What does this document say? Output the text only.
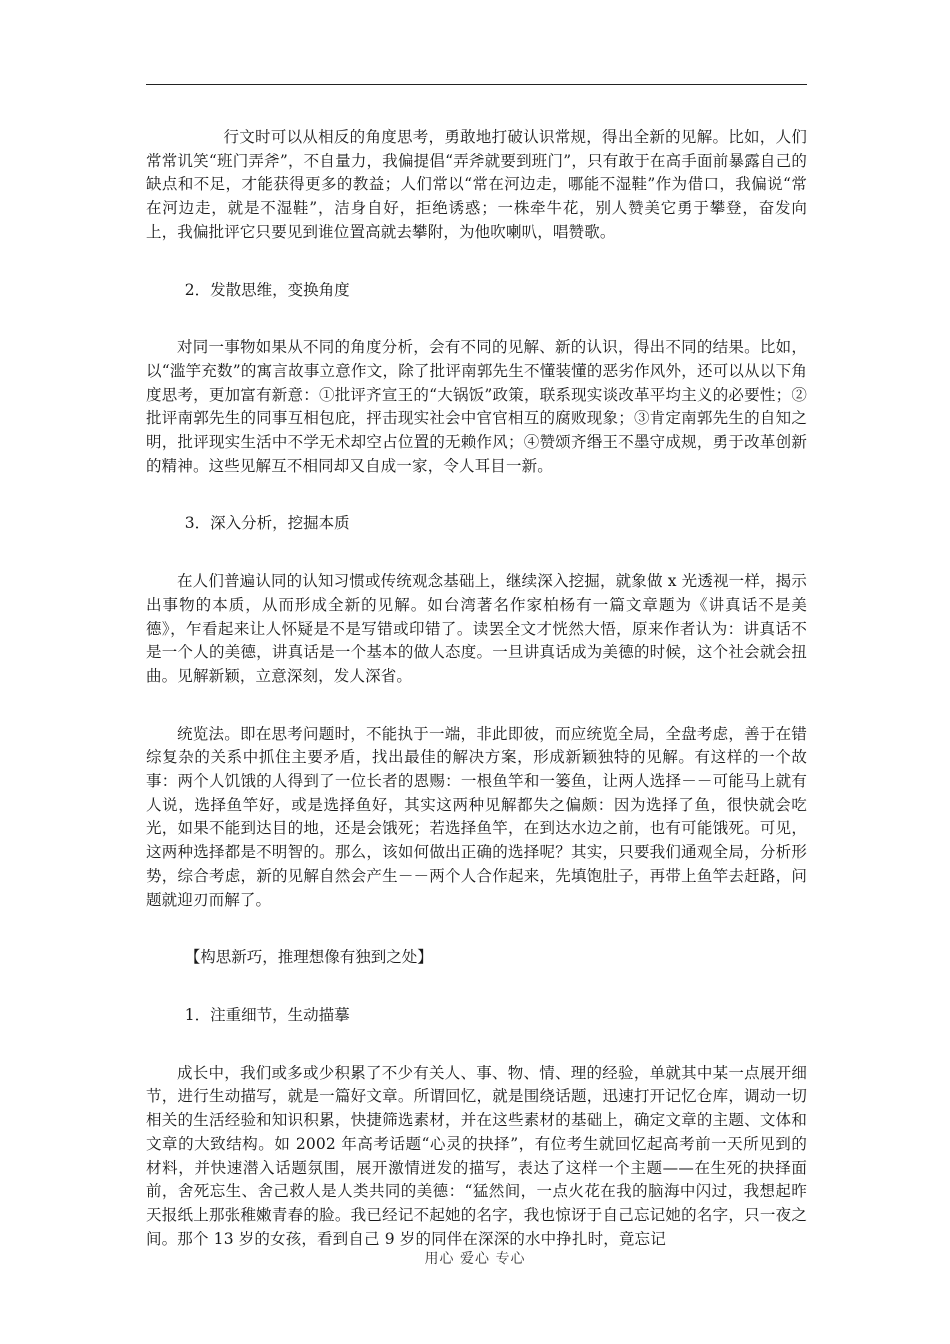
行文时可以从相反的角度思考，勇敢地打破认识常规，得出全新的见解。比如，人们常常讥笑“班门弄斧”，不自量力，我偏提倡“弄斧就要到班门”，只有敢于在高手面前暴露自己的缺点和不足，才能获得更多的教益；人们常以“常在河边走，哪能不湿鞋”作为借口，我偏说“常在河边走，就是不湿鞋”，洁身自好，拒绝诱惑；一株牵牛花，别人赞美它勇于攀登，奋发向上，我偏批评它只要见到谁位置高就去攀附，为他吹喇叭，唱赞歌。

2．发散思维，变换角度

对同一事物如果从不同的角度分析，会有不同的见解、新的认识，得出不同的结果。比如，以“滥竽充数”的寓言故事立意作文，除了批评南郭先生不懂装懂的恶劣作风外，还可以从以下角度思考，更加富有新意：①批评齐宣王的“大锅饭”政策，联系现实谈改革平均主义的必要性；②批评南郭先生的同事互相包庇，抨击现实社会中官官相互的腐败现象；③肯定南郭先生的自知之明，批评现实生活中不学无术却空占位置的无赖作风；④赞颂齐缗王不墨守成规，勇于改革创新的精神。这些见解互不相同却又自成一家，令人耳目一新。

3．深入分析，挖掘本质

在人们普遍认同的认知习惯或传统观念基础上，继续深入挖掘，就象做 x 光透视一样，揭示出事物的本质，从而形成全新的见解。如台湾著名作家柏杨有一篇文章题为《讲真话不是美德》，乍看起来让人怀疑是不是写错或印错了。读罢全文才恍然大悟，原来作者认为：讲真话不是一个人的美德，讲真话是一个基本的做人态度。一旦讲真话成为美德的时候，这个社会就会扭曲。见解新颖，立意深刻，发人深省。

统览法。即在思考问题时，不能执于一端，非此即彼，而应统览全局，全盘考虑，善于在错综复杂的关系中抓住主要矛盾，找出最佳的解决方案，形成新颖独特的见解。有这样的一个故事：两个人饥饿的人得到了一位长者的恩赐：一根鱼竿和一篓鱼，让两人选择－－可能马上就有人说，选择鱼竿好，或是选择鱼好，其实这两种见解都失之偏颇：因为选择了鱼，很快就会吃光，如果不能到达目的地，还是会饿死；若选择鱼竿，在到达水边之前，也有可能饿死。可见，这两种选择都是不明智的。那么，该如何做出正确的选择呢？其实，只要我们通观全局，分析形势，综合考虑，新的见解自然会产生－－两个人合作起来，先填饱肚子，再带上鱼竿去赶路，问题就迎刃而解了。

【构思新巧，推理想像有独到之处】

1．注重细节，生动描摹

成长中，我们或多或少积累了不少有关人、事、物、情、理的经验，单就其中某一点展开细节，进行生动描写，就是一篇好文章。所谓回忆，就是围绕话题，迅速打开记忆仓库，调动一切相关的生活经验和知识积累，快捷筛选素材，并在这些素材的基础上，确定文章的主题、文体和文章的大致结构。如 2002 年高考话题“心灵的抉择”，有位考生就回忆起高考前一天所见到的材料，并快速潜入话题氛围，展开激情迸发的描写，表达了这样一个主题——在生死的抉择面前，舍死忘生、舍己救人是人类共同的美德：“猛然间，一点火花在我的脑海中闪过，我想起昨天报纸上那张稚嫩青春的脸。我已经记不起她的名字，我也惊讶于自己忘记她的名字，只一夜之间。那个 13 岁的女孩，看到自己 9 岁的同伴在深深的水中挣扎时，竟忘记

用心 爱心 专心
